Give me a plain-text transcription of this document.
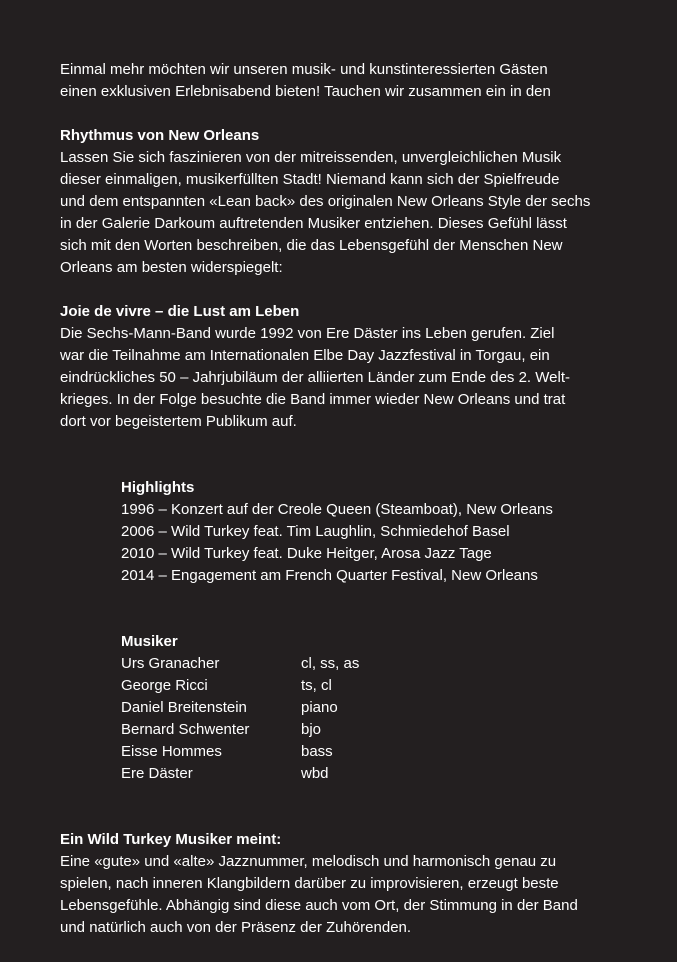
Einmal mehr möchten wir unseren musik- und kunstinteressierten Gästen

einen exklusiven Erlebnisabend bieten! Tauchen wir zusammen ein in den

Rhythmus von New Orleans

Lassen Sie sich faszinieren von der mitreissenden, unvergleichlichen Musik

dieser einmaligen, musikerfüllten Stadt! Niemand kann sich der Spielfreude

und dem entspannten «Lean back» des originalen New Orleans Style der sechs

in der Galerie Darkoum auftretenden Musiker entziehen. Dieses Gefühl lässt

sich mit den Worten beschreiben, die das Lebensgefühl der Menschen New

Orleans am besten widerspiegelt:

Joie de vivre – die Lust am Leben

Die Sechs-Mann-Band wurde 1992 von Ere Däster ins Leben gerufen. Ziel

war die Teilnahme am Internationalen Elbe Day Jazzfestival in Torgau, ein

eindrückliches 50 – Jahrjubiläum der alliierten Länder zum Ende des 2. Welt-

krieges. In der Folge besuchte die Band immer wieder New Orleans und trat

dort vor begeistertem Publikum auf.

Highlights

1996 – Konzert auf der Creole Queen (Steamboat), New Orleans

2006 – Wild Turkey feat. Tim Laughlin, Schmiedehof Basel

2010 – Wild Turkey feat. Duke Heitger, Arosa Jazz Tage

2014 – Engagement am French Quarter Festival, New Orleans

Musiker

Urs Granacher	cl, ss, as
George Ricci	ts, cl
Daniel Breitenstein	piano
Bernard Schwenter	bjo
Eisse Hommes	bass
Ere Däster	wbd

Ein Wild Turkey Musiker meint:

Eine «gute» und «alte» Jazznummer, melodisch und harmonisch genau zu

spielen, nach inneren Klangbildern darüber zu improvisieren, erzeugt beste

Lebensgefühle. Abhängig sind diese auch vom Ort, der Stimmung in der Band

und natürlich auch von der Präsenz der Zuhörenden.
